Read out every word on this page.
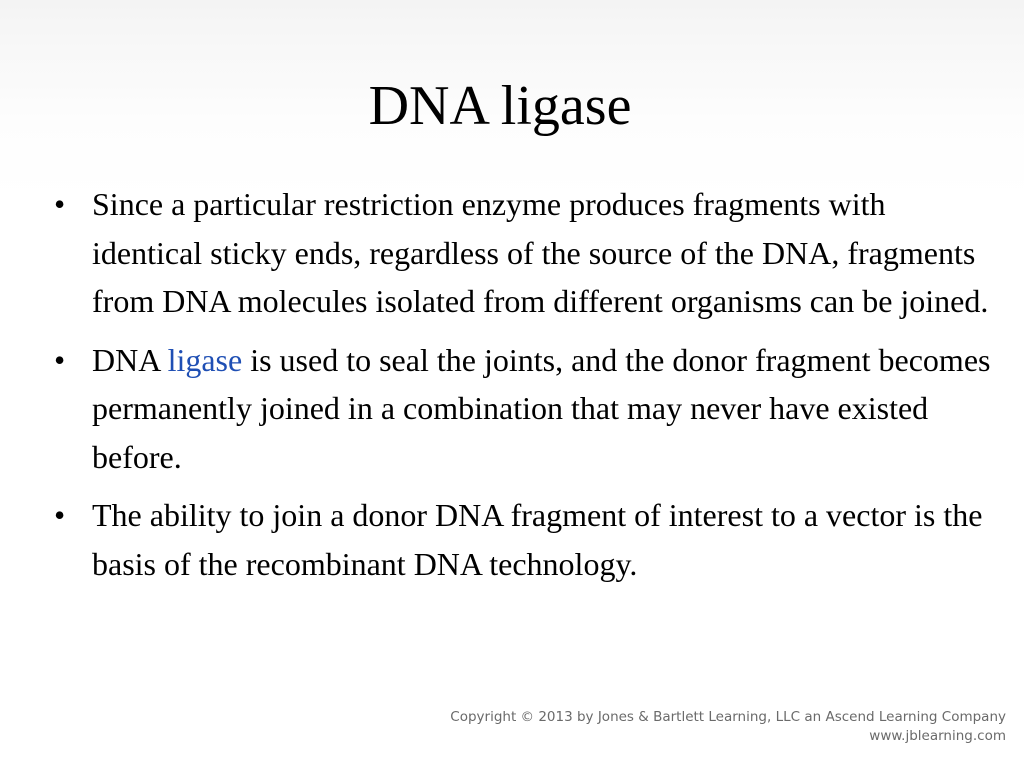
DNA ligase
• Since a particular restriction enzyme produces fragments with identical sticky ends, regardless of the source of the DNA, fragments from DNA molecules isolated from different organisms can be joined.
• DNA ligase is used to seal the joints, and the donor fragment becomes permanently joined in a combination that may never have existed before.
• The ability to join a donor DNA fragment of interest to a vector is the basis of the recombinant DNA technology.
Copyright © 2013 by Jones & Bartlett Learning, LLC an Ascend Learning Company
www.jblearning.com
